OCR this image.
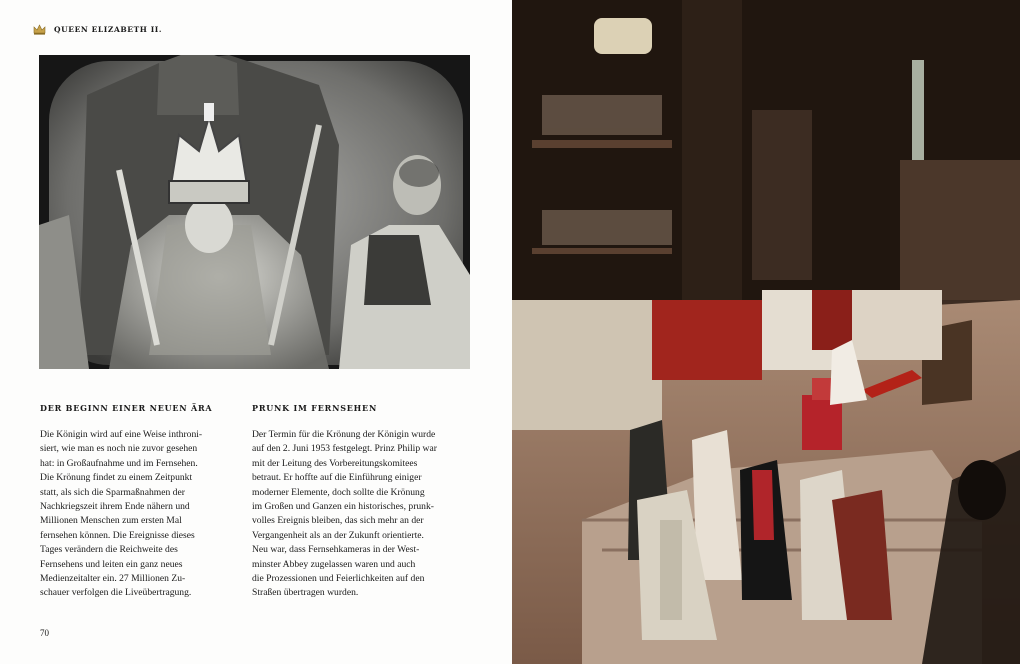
QUEEN ELIZABETH II.
DER BEGINN EINER NEUEN ÄRA

Die Königin wird auf eine Weise inthroni-
siert, wie man es noch nie zuvor gesehen
hat: in Großaufnahme und im Fernsehen.
Die Krönung findet zu einem Zeitpunkt
statt, als sich die Sparmaßnahmen der
Nachkriegszeit ihrem Ende nähern und
Millionen Menschen zum ersten Mal
fernsehen können. Die Ereignisse dieses
Tages verändern die Reichweite des
Fernsehens und leiten ein ganz neues
Medienzeitalter ein. 27 Millionen Zu-
schauer verfolgen die Liveübertragung.

PRUNK IM FERNSEHEN

Der Termin für die Krönung der Königin wurde
auf den 2. Juni 1953 festgelegt. Prinz Philip war
mit der Leitung des Vorbereitungskomitees
betraut. Er hoffte auf die Einführung einiger
moderner Elemente, doch sollte die Krönung
im Großen und Ganzen ein historisches, prunk-
volles Ereignis bleiben, das sich mehr an der
Vergangenheit als an der Zukunft orientierte.
Neu war, dass Fernsehkameras in der West-
minster Abbey zugelassen waren und auch
die Prozessionen und Feierlichkeiten auf den
Straßen übertragen wurden.

70
